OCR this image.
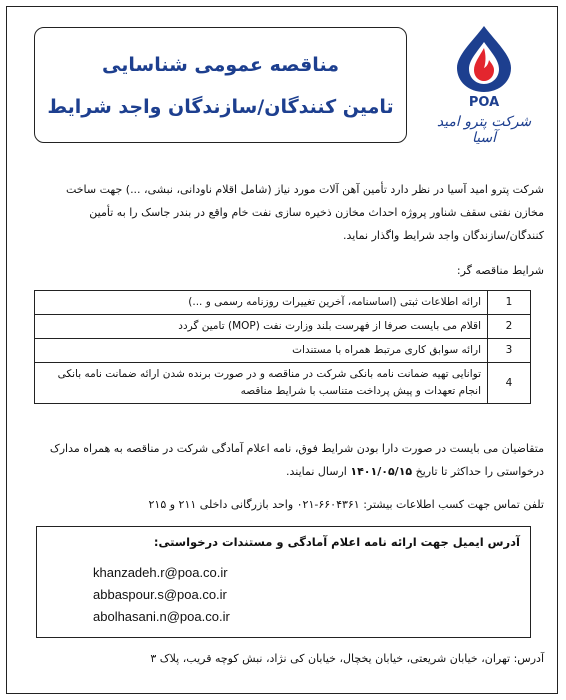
مناقصه عمومی شناسایی
تامین کنندگان/سازندگان واجد شرایط	POA
شرکت پترو امید آسیا
شرکت پترو امید آسیا در نظر دارد تأمین آهن آلات مورد نیاز (شامل اقلام ناودانی، نبشی، ...) جهت ساخت
مخازن نفتی سقف شناور پروژه احداث مخازن ذخیره سازی نفت خام واقع در بندر جاسک را به تأمین
کنندگان/سازندگان واجد شرایط واگذار نماید.
شرایط مناقصه گر:
1	ارائه اطلاعات ثبتی (اساسنامه، آخرین تغییرات روزنامه رسمی و ...)
2	اقلام می بایست صرفا از فهرست بلند وزارت نفت (MOP) تامین گردد
3	ارائه سوابق کاری مرتبط همراه با مستندات
4	توانایی تهیه ضمانت نامه بانکی شرکت در مناقصه و در صورت برنده شدن ارائه ضمانت نامه بانکی
انجام تعهدات و پیش پرداخت متناسب با شرایط مناقصه
متقاضیان می بایست در صورت دارا بودن شرایط فوق، نامه اعلام آمادگی شرکت در مناقصه به همراه مدارک
درخواستی را حداکثر تا تاریخ ۱۴۰۱/۰۵/۱۵ ارسال نمایند.
تلفن تماس جهت کسب اطلاعات بیشتر: ۶۶۰۴۳۶۱-۰۲۱ واحد بازرگانی داخلی ۲۱۱ و ۲۱۵
آدرس ایمیل جهت ارائه نامه اعلام آمادگی و مستندات درخواستی:
khanzadeh.r@poa.co.ir
abbaspour.s@poa.co.ir
abolhasani.n@poa.co.ir
آدرس: تهران، خیابان شریعتی، خیابان یخچال، خیابان کی نژاد، نبش کوچه قریب، پلاک ۳
